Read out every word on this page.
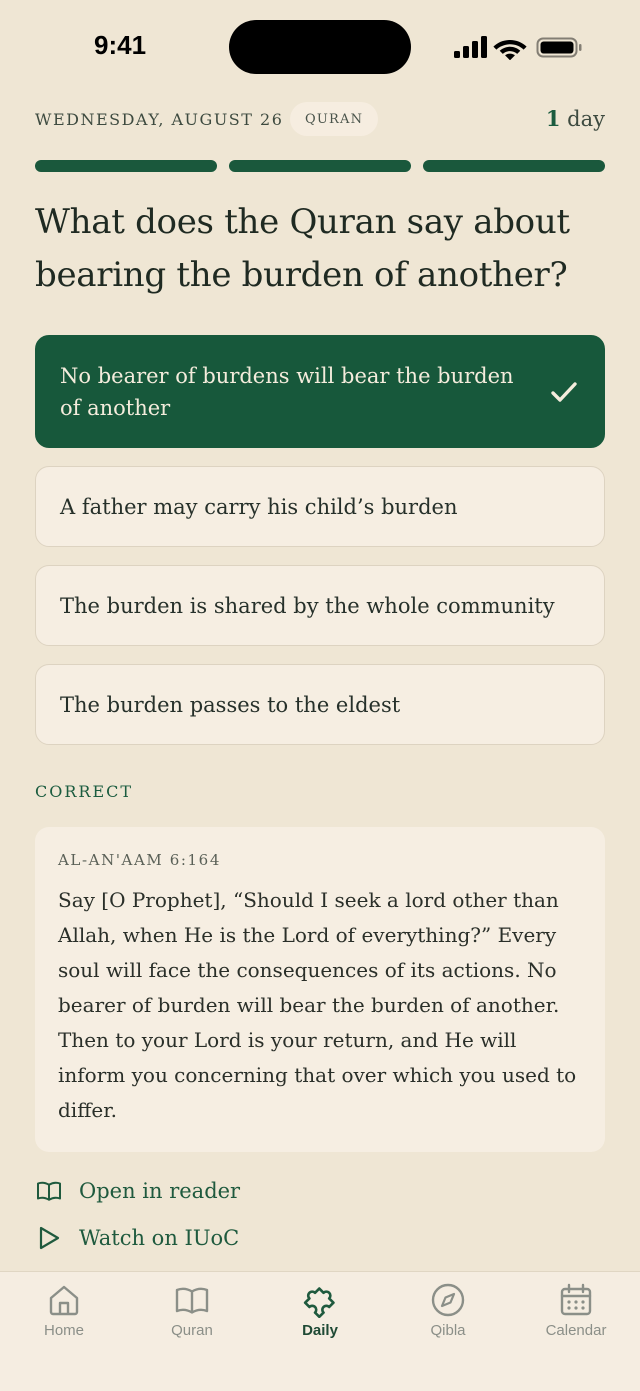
9:41
WEDNESDAY, AUGUST 26	QURAN	1 day
What does the Quran say about bearing the burden of another?
No bearer of burdens will bear the burden of another
A father may carry his child’s burden
The burden is shared by the whole community
The burden passes to the eldest
CORRECT
AL-AN'AAM 6:164
Say [O Prophet], “Should I seek a lord other than Allah, when He is the Lord of everything?” Every soul will face the consequences of its actions. No bearer of burden will bear the burden of another. Then to your Lord is your return, and He will inform you concerning that over which you used to differ.
Open in reader
Watch on IUoC
Home	Quran	Daily	Qibla	Calendar
